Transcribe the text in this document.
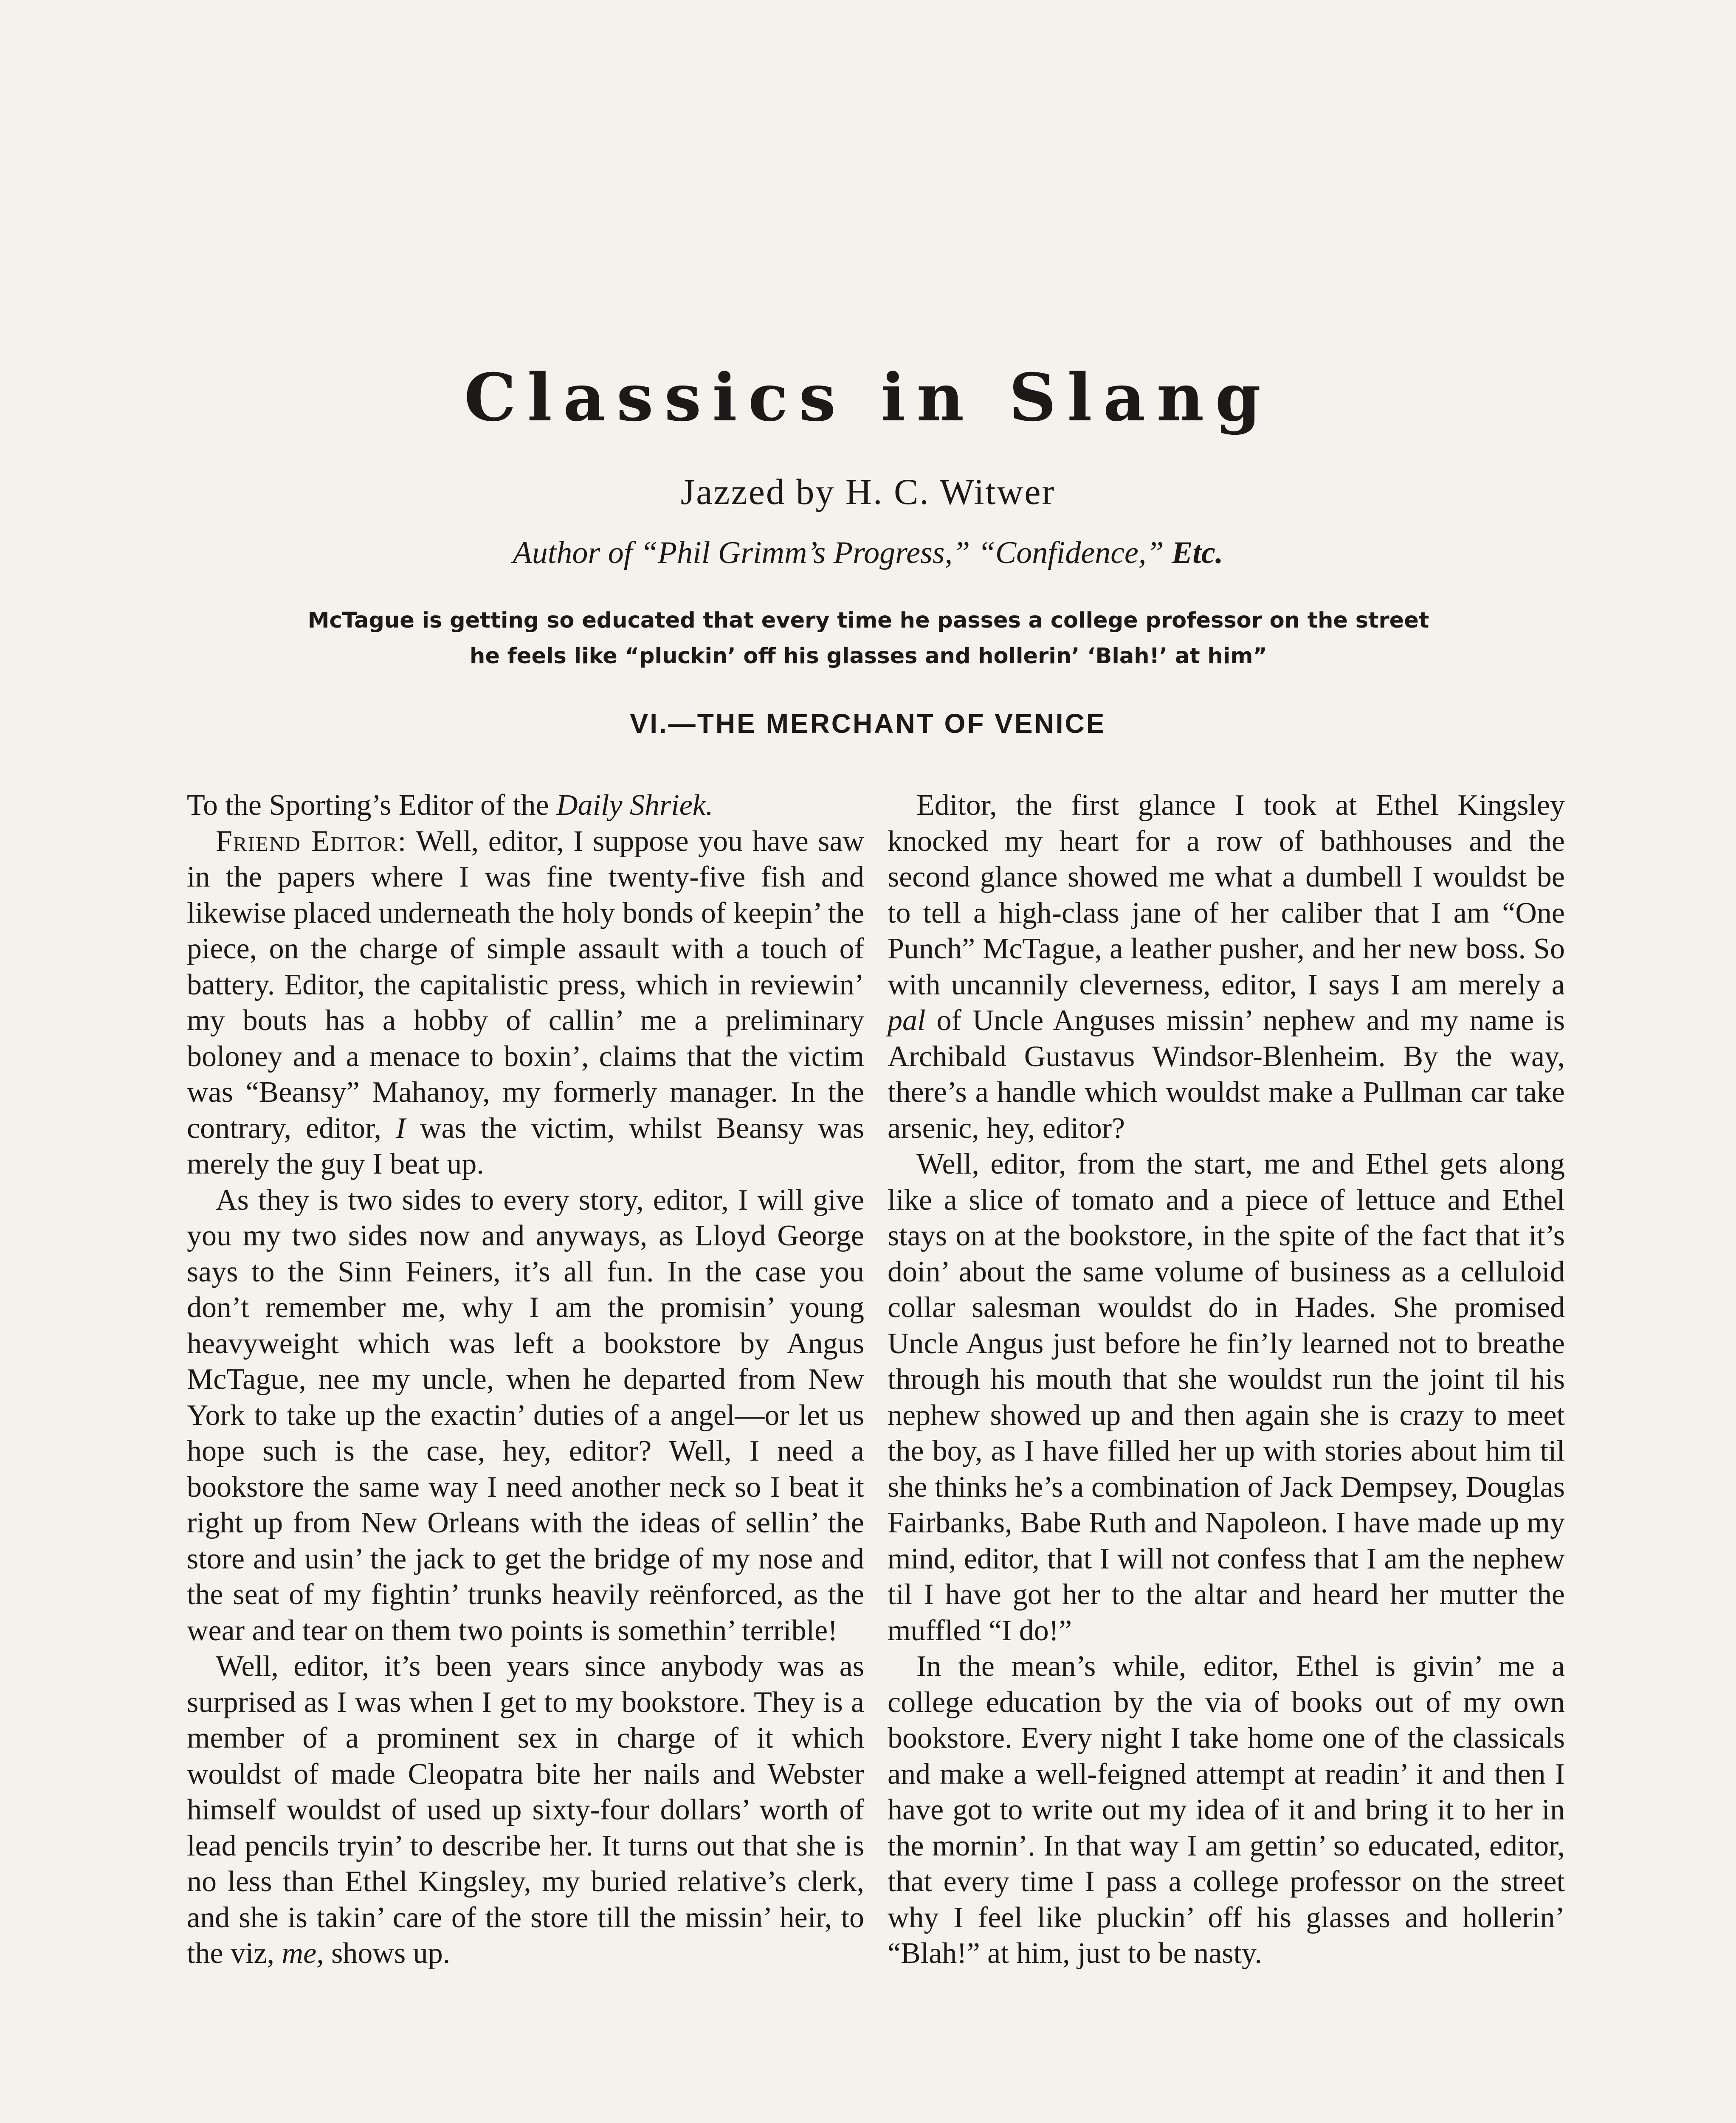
Classics in Slang

Jazzed by H. C. Witwer

Author of “Phil Grimm’s Progress,” “Confidence,” Etc.

McTague is getting so educated that every time he passes a college professor on the street he feels like “pluckin’ off his glasses and hollerin’ ‘Blah!’ at him”

VI.—THE MERCHANT OF VENICE

To the Sporting’s Editor of the Daily Shriek.

Friend Editor: Well, editor, I suppose you have saw in the papers where I was fine twenty-five fish and likewise placed underneath the holy bonds of keepin’ the piece, on the charge of simple assault with a touch of battery. Editor, the capitalistic press, which in reviewin’ my bouts has a hobby of callin’ me a preliminary boloney and a menace to boxin’, claims that the victim was “Beansy” Mahanoy, my formerly manager. In the contrary, editor, I was the victim, whilst Beansy was merely the guy I beat up.

As they is two sides to every story, editor, I will give you my two sides now and anyways, as Lloyd George says to the Sinn Feiners, it’s all fun. In the case you don’t remember me, why I am the promisin’ young heavyweight which was left a bookstore by Angus McTague, nee my uncle, when he departed from New York to take up the exactin’ duties of a angel—or let us hope such is the case, hey, editor? Well, I need a bookstore the same way I need another neck so I beat it right up from New Orleans with the ideas of sellin’ the store and usin’ the jack to get the bridge of my nose and the seat of my fightin’ trunks heavily reënforced, as the wear and tear on them two points is somethin’ terrible!

Well, editor, it’s been years since anybody was as surprised as I was when I get to my bookstore. They is a member of a prominent sex in charge of it which wouldst of made Cleopatra bite her nails and Webster himself wouldst of used up sixty-four dollars’ worth of lead pencils tryin’ to describe her. It turns out that she is no less than Ethel Kingsley, my buried relative’s clerk, and she is takin’ care of the store till the missin’ heir, to the viz, me, shows up.

Editor, the first glance I took at Ethel Kingsley knocked my heart for a row of bathhouses and the second glance showed me what a dumbell I wouldst be to tell a high-class jane of her caliber that I am “One Punch” McTague, a leather pusher, and her new boss. So with uncannily cleverness, editor, I says I am merely a pal of Uncle Anguses missin’ nephew and my name is Archibald Gustavus Windsor-Blenheim. By the way, there’s a handle which wouldst make a Pullman car take arsenic, hey, editor?

Well, editor, from the start, me and Ethel gets along like a slice of tomato and a piece of lettuce and Ethel stays on at the bookstore, in the spite of the fact that it’s doin’ about the same volume of business as a celluloid collar salesman wouldst do in Hades. She promised Uncle Angus just before he fin’ly learned not to breathe through his mouth that she wouldst run the joint til his nephew showed up and then again she is crazy to meet the boy, as I have filled her up with stories about him til she thinks he’s a combination of Jack Dempsey, Douglas Fairbanks, Babe Ruth and Napoleon. I have made up my mind, editor, that I will not confess that I am the nephew til I have got her to the altar and heard her mutter the muffled “I do!”

In the mean’s while, editor, Ethel is givin’ me a college education by the via of books out of my own bookstore. Every night I take home one of the classicals and make a well-feigned attempt at readin’ it and then I have got to write out my idea of it and bring it to her in the mornin’. In that way I am gettin’ so educated, editor, that every time I pass a college professor on the street why I feel like pluckin’ off his glasses and hollerin’ “Blah!” at him, just to be nasty.
